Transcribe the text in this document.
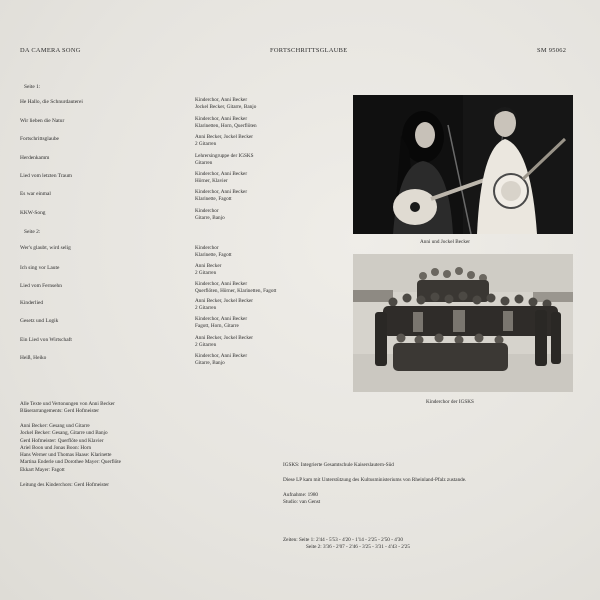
DA CAMERA SONG	FORTSCHRITTSGLAUBE	SM 95062
Seite 1:
He Hallo, die Schnurdauterei	Kinderchor, Anni Becker
Jockel Becker, Gitarre, Banjo
Wir lieben die Natur	Kinderchor, Anni Becker
Klarinetten, Horn, Querflöten
Fortschrittsglaube	Anni Becker, Jockel Becker
2 Gitarren
Herdenkamm	Lehrersingruppe der IGSKS
Gitarren
Lied vom letzten Traum	Kinderchor, Anni Becker
Hörner, Klavier
Es war einmal	Kinderchor, Anni Becker
Klarinette, Fagott
KKW-Song	Kinderchor
Gitarre, Banjo
Seite 2:
Wer's glaubt, wird selig	Kinderchor
Klarinette, Fagott
Ich sing vor Laute	Anni Becker
2 Gitarren
Lied vom Fernsehn	Kinderchor, Anni Becker
Querflöten, Hörner, Klarinetten, Fagott
Kinderlied	Anni Becker, Jockel Becker
2 Gitarren
Gesetz und Logik	Kinderchor, Anni Becker
Fagott, Horn, Gitarre
Ein Lied von Wirtschaft	Anni Becker, Jockel Becker
2 Gitarren
Heiß, Heiko	Kinderchor, Anni Becker
Gitarre, Banjo
Anni und Jockel Becker
Kinderchor der IGSKS
Alle Texte und Vertonungen von Anni Becker
Bläserarrangements: Gerd Hofmeister
Anni Becker: Gesang und Gitarre
Jockel Becker: Gesang, Gitarre und Banjo
Gerd Hofmeister: Querflöte und Klavier
Ariel Boon und Jonas Boon: Horn
Hans Werner und Thomas Haase: Klarinette
Martina Enderle und Dorothee Mayer: Querflöte
Ekkart Mayer: Fagott
Leitung des Kinderchors: Gerd Hofmeister
IGSKS: Integrierte Gesamtschule Kaiserslautern-Süd
Diese LP kam mit Unterstützung des Kultusministeriums von Rheinland-Pfalz zustande.
Aufnahme: 1980
Studio: van Genst
Zeiten: Seite 1: 2'44 - 5'53 - 4'20 - 1'14 - 2'25 - 2'50 - 4'30
Seite 2: 3'36 - 2'07 - 2'46 - 3'25 - 3'31 - 4'43 - 2'25
